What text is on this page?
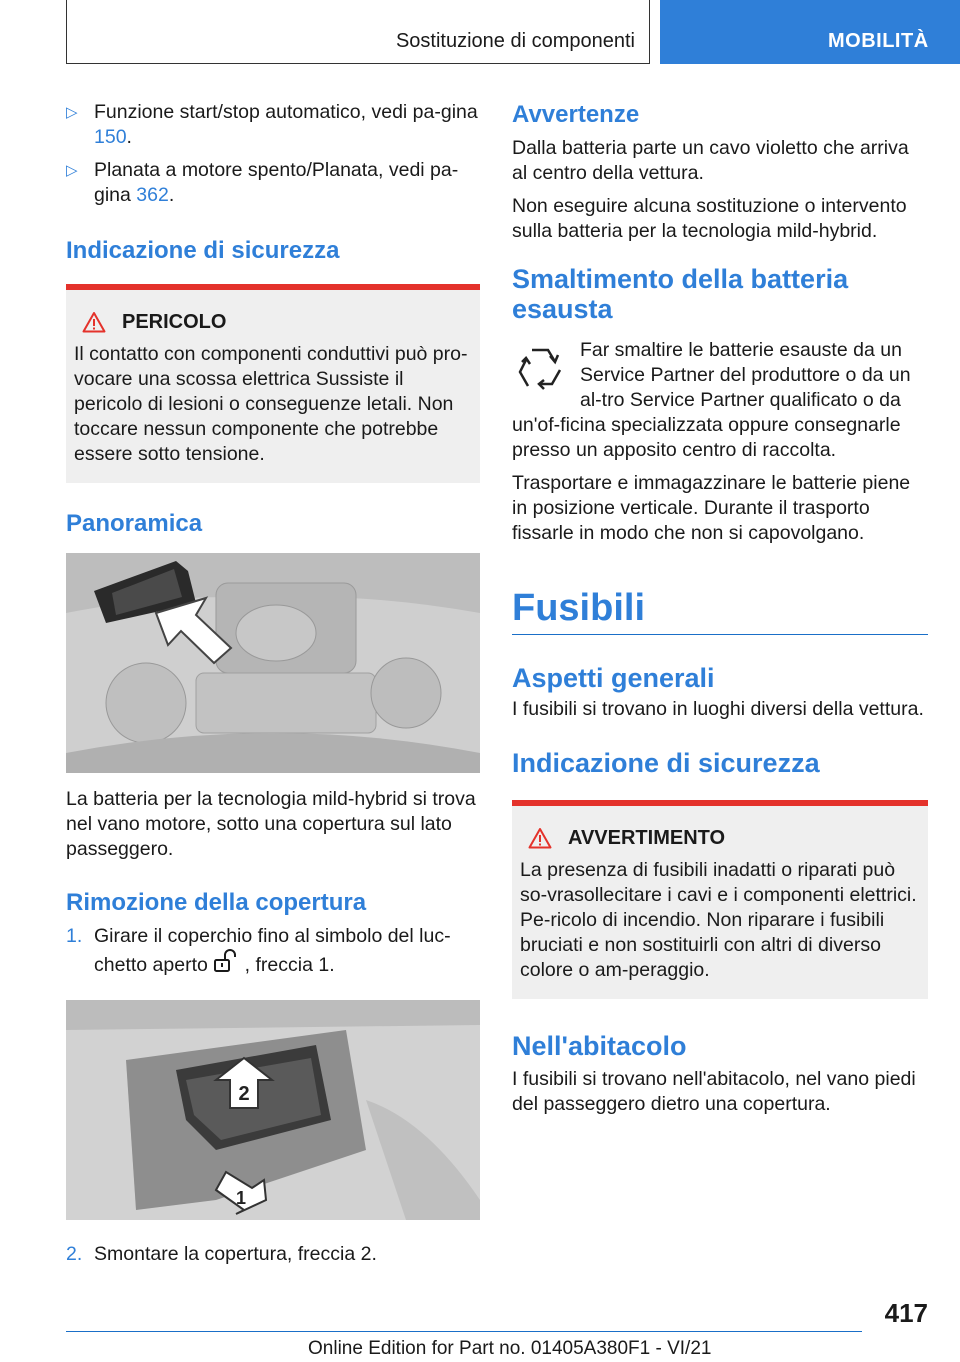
Sostituzione di componenti	MOBILITÀ
▷ Funzione start/stop automatico, vedi pa-gina 150.
▷ Planata a motore spento/Planata, vedi pa-gina 362.
Indicazione di sicurezza
PERICOLO

Il contatto con componenti conduttivi può pro-vocare una scossa elettrica Sussiste il pericolo di lesioni o conseguenze letali. Non toccare nessun componente che potrebbe essere sotto tensione.

Panoramica

La batteria per la tecnologia mild-hybrid si trova nel vano motore, sotto una copertura sul lato passeggero.

Rimozione della copertura
1. Girare il coperchio fino al simbolo del luc-chetto aperto  , freccia 1.
2
1
2. Smontare la copertura, freccia 2.
Avvertenze

Dalla batteria parte un cavo violetto che arriva al centro della vettura.

Non eseguire alcuna sostituzione o intervento sulla batteria per la tecnologia mild-hybrid.

Smaltimento della batteria esausta

Far smaltire le batterie esauste da un Service Partner del produttore o da un al-tro Service Partner qualificato o da un'of-ficina specializzata oppure consegnarle presso un apposito centro di raccolta.

Trasportare e immagazzinare le batterie piene in posizione verticale. Durante il trasporto fissarle in modo che non si capovolgano.

Fusibili
Aspetti generali

I fusibili si trovano in luoghi diversi della vettura.

Indicazione di sicurezza
AVVERTIMENTO

La presenza di fusibili inadatti o riparati può so-vrasollecitare i cavi e i componenti elettrici. Pe-ricolo di incendio. Non riparare i fusibili bruciati e non sostituirli con altri di diverso colore o am-peraggio.

Nell'abitacolo

I fusibili si trovano nell'abitacolo, nel vano piedi del passeggero dietro una copertura.

417
Online Edition for Part no. 01405A380F1 - VI/21
